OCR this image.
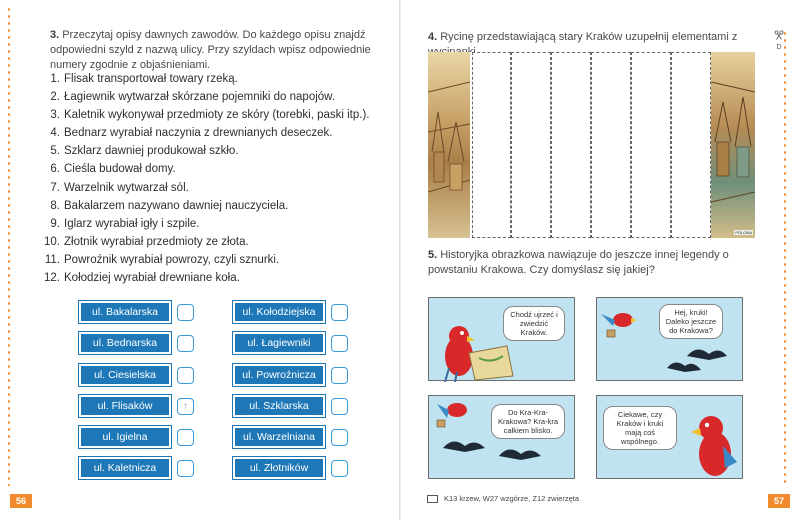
3. Przeczytaj opisy dawnych zawodów. Do każdego opisu znajdź odpowiedni szyld z nazwą ulicy. Przy szyldach wpisz odpowiednie numery zgodnie z objaśnieniami.
1. Flisak transportował towary rzeką.
2. Łagiewnik wytwarzał skórzane pojemniki do napojów.
3. Kaletnik wykonywał przedmioty ze skóry (torebki, paski itp.).
4. Bednarz wyrabiał naczynia z drewnianych deseczek.
5. Szklarz dawniej produkował szkło.
6. Cieśla budował domy.
7. Warzelnik wytwarzał sól.
8. Bakalarzem nazywano dawniej nauczyciela.
9. Iglarz wyrabiał igły i szpile.
10. Złotnik wyrabiał przedmioty ze złota.
11. Powroźnik wyrabiał powrozy, czyli sznurki.
12. Kołodziej wyrabiał drewniane koła.
ul. Bakalarska
ul. Bednarska
ul. Ciesielska
ul. Flisaków	↑
ul. Igielna
ul. Kaletnicza
ul. Kołodziejska
ul. Łagiewniki
ul. Powroźnicza
ul. Szklarska
ul. Warzelniana
ul. Złotników
56
D
4. Rycinę przedstawiającą stary Kraków uzupełnij elementami z
POLONA
5. Historyjka obrazkowa nawiązuje do jeszcze innej legendy o powstaniu Krakowa. Czy domyślasz się jakiej?
Chodź ujrzeć i zwiedzić Kraków.
Hej, kruki! Daleko jeszcze do Krakowa?
Do Kra-Kra-Krakowa? Kra-kra całkiem blisko.
Ciekawe, czy Kraków i kruki mają coś wspólnego.
K13 krzew, W27 wzgórze, Z12 zwierzęta	57
